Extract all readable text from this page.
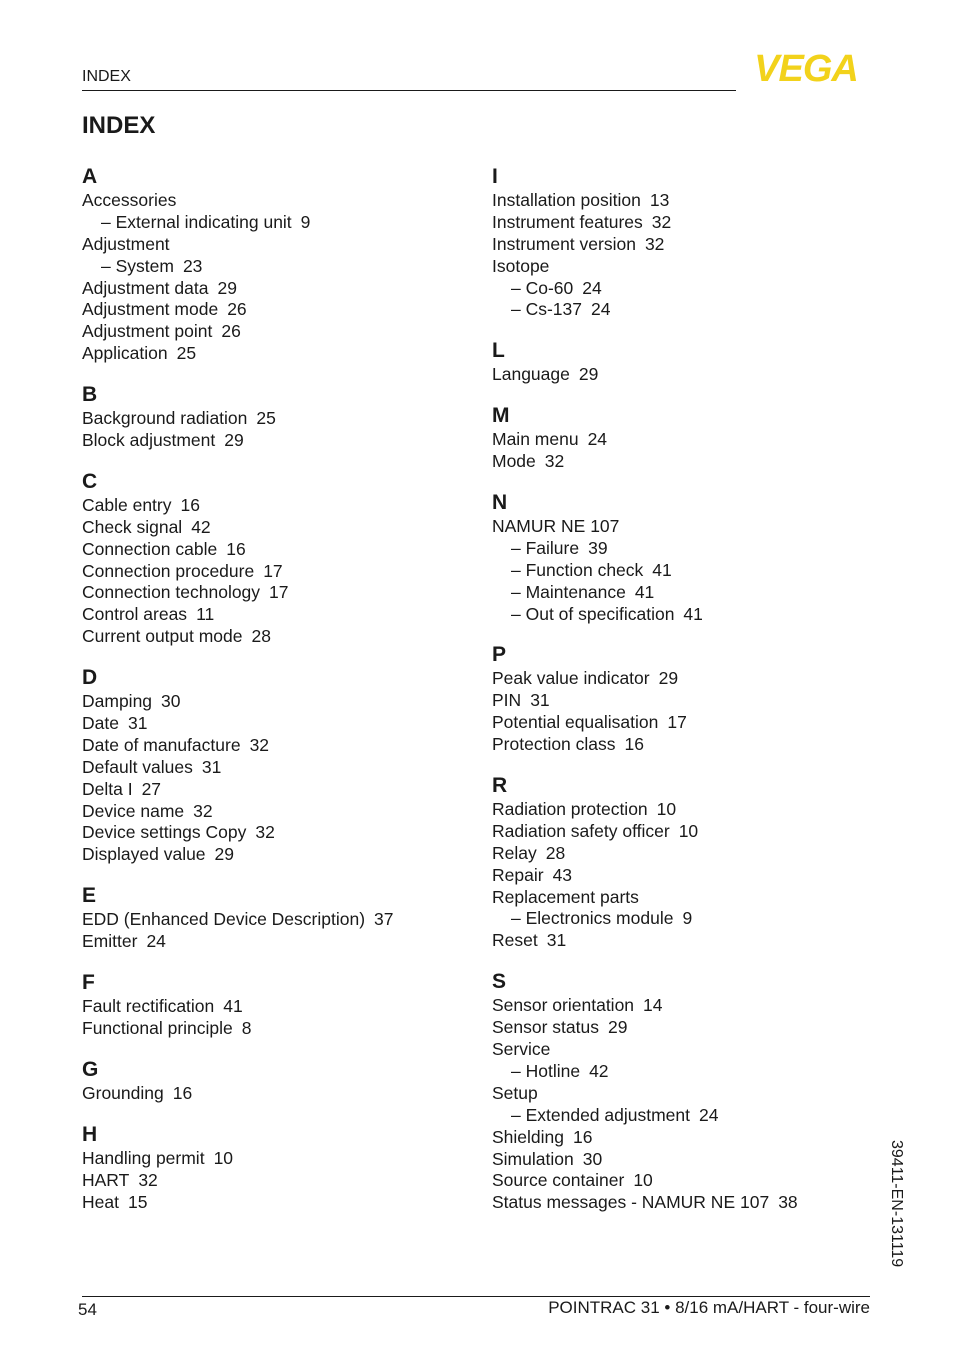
INDEX	VEGA
INDEX
A
Accessories
– External indicating unit 9
Adjustment
– System 23
Adjustment data 29
Adjustment mode 26
Adjustment point 26
Application 25
B
Background radiation 25
Block adjustment 29
C
Cable entry 16
Check signal 42
Connection cable 16
Connection procedure 17
Connection technology 17
Control areas 11
Current output mode 28
D
Damping 30
Date 31
Date of manufacture 32
Default values 31
Delta I 27
Device name 32
Device settings Copy 32
Displayed value 29
E
EDD (Enhanced Device Description) 37
Emitter 24
F
Fault rectification 41
Functional principle 8
G
Grounding 16
H
Handling permit 10
HART 32
Heat 15
I
Installation position 13
Instrument features 32
Instrument version 32
Isotope
– Co-60 24
– Cs-137 24
L
Language 29
M
Main menu 24
Mode 32
N
NAMUR NE 107
– Failure 39
– Function check 41
– Maintenance 41
– Out of specification 41
P
Peak value indicator 29
PIN 31
Potential equalisation 17
Protection class 16
R
Radiation protection 10
Radiation safety officer 10
Relay 28
Repair 43
Replacement parts
– Electronics module 9
Reset 31
S
Sensor orientation 14
Sensor status 29
Service
– Hotline 42
Setup
– Extended adjustment 24
Shielding 16
Simulation 30
Source container 10
Status messages - NAMUR NE 107 38
54	POINTRAC 31 • 8/16 mA/HART - four-wire
39411-EN-131119
